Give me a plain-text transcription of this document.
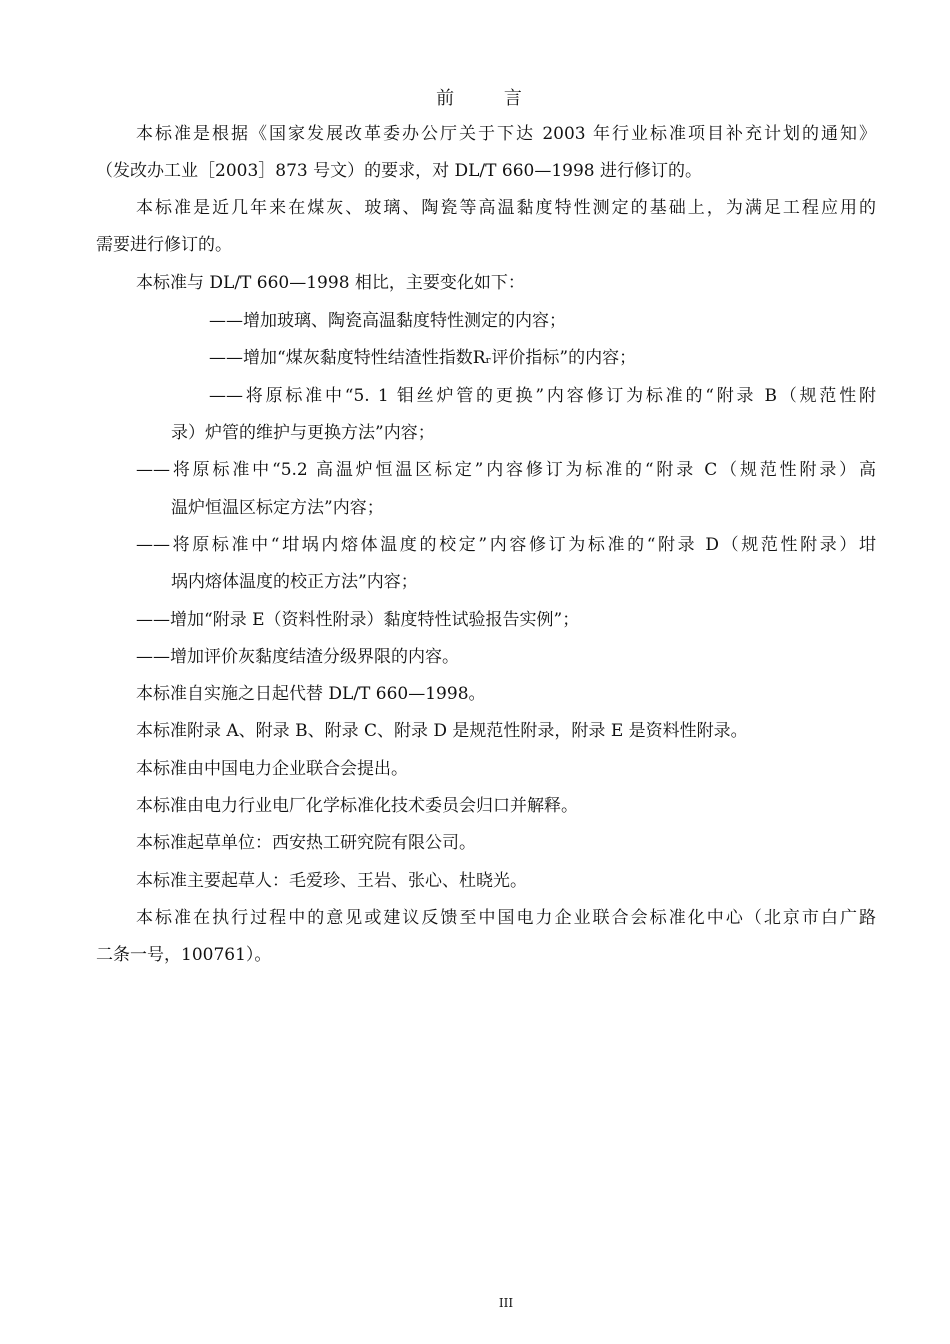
前 言
本标准是根据《国家发展改革委办公厅关于下达 2003 年行业标准项目补充计划的通知》
（发改办工业［2003］873 号文）的要求，对 DL/T 660—1998 进行修订的。
本标准是近几年来在煤灰、玻璃、陶瓷等高温黏度特性测定的基础上，为满足工程应用的
需要进行修订的。
本标准与 DL/T 660—1998 相比，主要变化如下：
——增加玻璃、陶瓷高温黏度特性测定的内容；
——增加“煤灰黏度特性结渣性指数Rᵣ评价指标”的内容；
——将原标准中“5. 1 钼丝炉管的更换”内容修订为标准的“附录 B（规范性附
录）炉管的维护与更换方法”内容；
——将原标准中“5.2 高温炉恒温区标定”内容修订为标准的“附录 C（规范性附录）高
温炉恒温区标定方法”内容；
——将原标准中“坩埚内熔体温度的校定”内容修订为标准的“附录 D（规范性附录）坩
埚内熔体温度的校正方法”内容；
——增加“附录 E（资料性附录）黏度特性试验报告实例”；
——增加评价灰黏度结渣分级界限的内容。
本标准自实施之日起代替 DL/T 660—1998。
本标准附录 A、附录 B、附录 C、附录 D 是规范性附录，附录 E 是资料性附录。
本标准由中国电力企业联合会提出。
本标准由电力行业电厂化学标准化技术委员会归口并解释。
本标准起草单位：西安热工研究院有限公司。
本标准主要起草人：毛爱珍、王岩、张心、杜晓光。
本标准在执行过程中的意见或建议反馈至中国电力企业联合会标准化中心（北京市白广路
二条一号，100761）。
III
